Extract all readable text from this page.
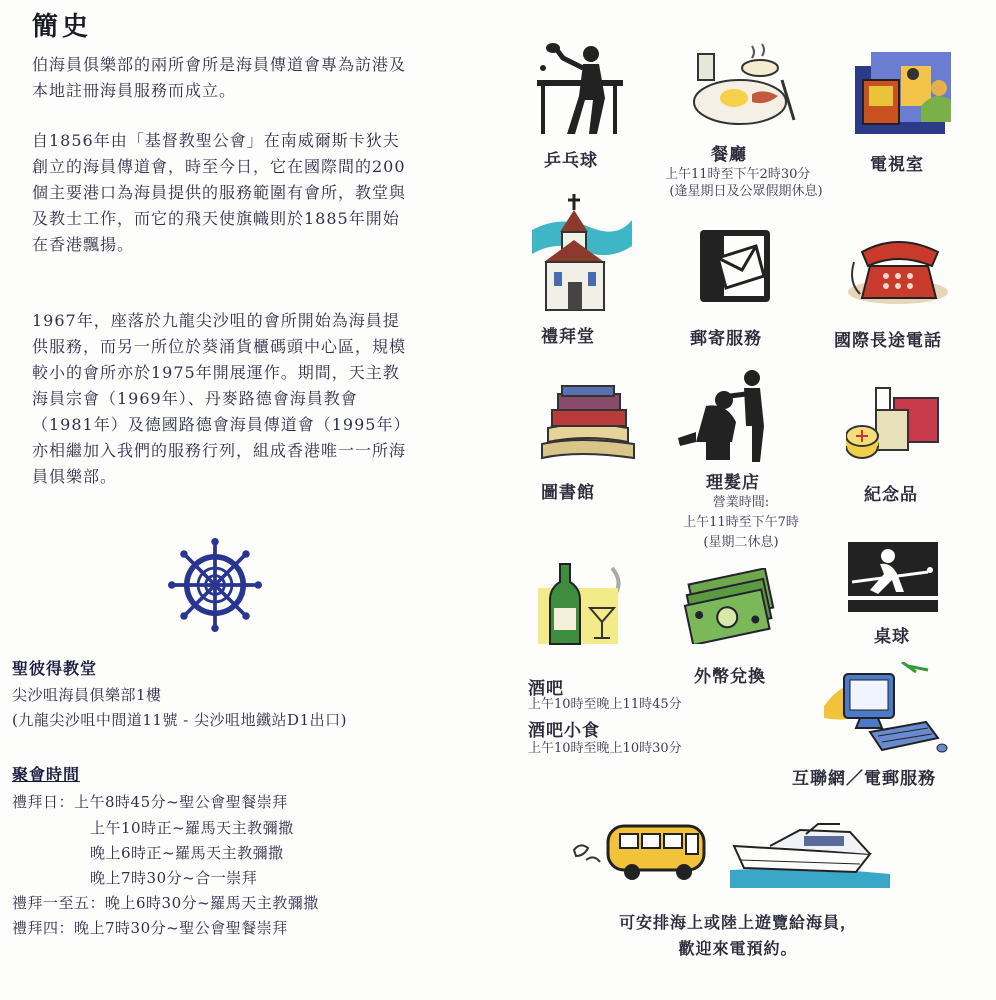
簡史
伯海員俱樂部的兩所會所是海員傳道會專為訪港及本地註冊海員服務而成立。
自1856年由「基督教聖公會」在南威爾斯卡狄夫創立的海員傳道會，時至今日，它在國際間的200個主要港口為海員提供的服務範圍有會所，教堂與及教士工作，而它的飛天使旗幟則於1885年開始在香港飄揚。
1967年，座落於九龍尖沙咀的會所開始為海員提供服務，而另一所位於葵涌貨櫃碼頭中心區，規模較小的會所亦於1975年開展運作。期間，天主教海員宗會（1969年）、丹麥路德會海員教會（1981年）及德國路德會海員傳道會（1995年）亦相繼加入我們的服務行列，組成香港唯一一所海員俱樂部。
聖彼得教堂
尖沙咀海員俱樂部1樓
(九龍尖沙咀中間道11號 - 尖沙咀地鐵站D1出口)
聚會時間
禮拜日：上午8時45分~聖公會聖餐崇拜
上午10時正~羅馬天主教彌撒
晚上6時正~羅馬天主教彌撒
晚上7時30分~合一崇拜
禮拜一至五：晚上6時30分~羅馬天主教彌撒
禮拜四：晚上7時30分~聖公會聖餐崇拜
乒乓球	餐廳
上午11時至下午2時30分
(逢星期日及公眾假期休息)
電視室
禮拜堂	郵寄服務	國際長途電話
圖書館	理髮店
營業時間:
上午11時至下午7時
(星期二休息)
紀念品
酒吧
上午10時至晚上11時45分
酒吧小食
上午10時至晚上10時30分
外幣兌換
桌球
互聯網／電郵服務
可安排海上或陸上遊覽給海員，
歡迎來電預約。
